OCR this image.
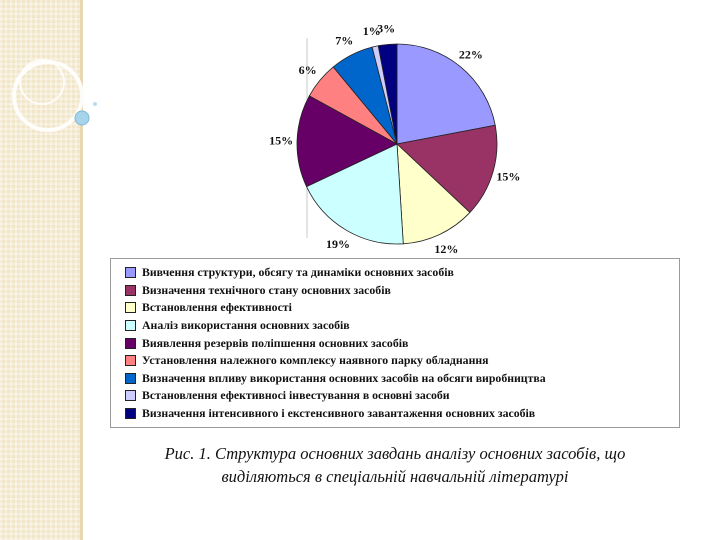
22%
15%
12%
19%
15%
6%
7%
1%
3%
Вивчення структури, обсягу та динаміки основних засобів
Визначення технічного стану основних засобів
Встановлення ефективності
Аналіз використання основних засобів
Виявлення резервів поліпшення основних засобів
Установлення належного комплексу наявного парку обладнання
Визначення впливу використання основних засобів на обсяги виробництва
Встановлення ефективносі інвестування в основні засоби
Визначення інтенсивного і екстенсивного завантаження основних засобів
Рис. 1. Структура основних завдань аналізу основних засобів, що
виділяються в спеціальній навчальній літературі
